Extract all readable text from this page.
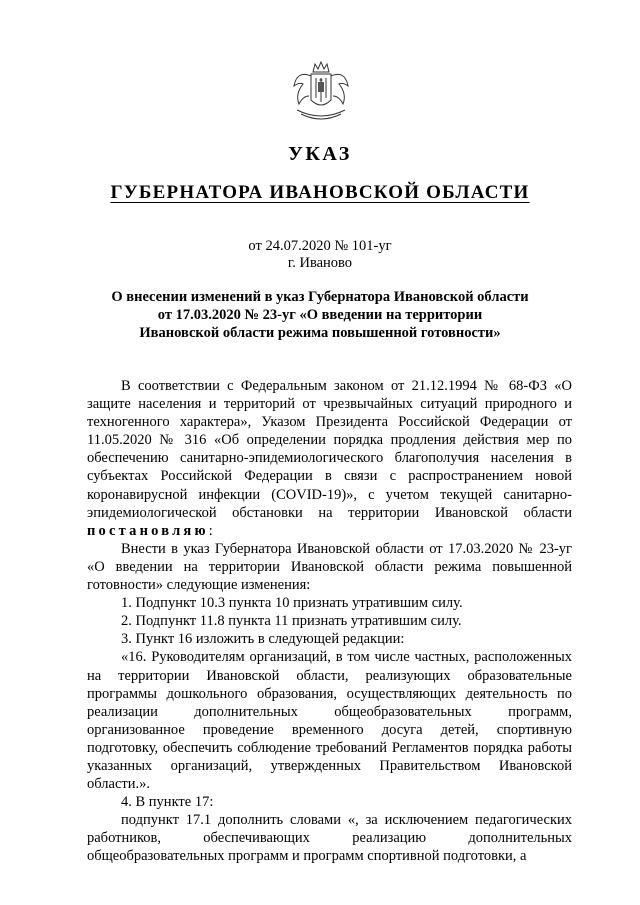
УКАЗ
ГУБЕРНАТОРА ИВАНОВСКОЙ ОБЛАСТИ
от 24.07.2020 № 101-уг
г. Иваново
О внесении изменений в указ Губернатора Ивановской области
от 17.03.2020 № 23-уг «О введении на территории
Ивановской области режима повышенной готовности»

В соответствии с Федеральным законом от 21.12.1994 № 68-ФЗ «О защите населения и территорий от чрезвычайных ситуаций природного и техногенного характера», Указом Президента Российской Федерации от 11.05.2020 № 316 «Об определении порядка продления действия мер по обеспечению санитарно-эпидемиологического благополучия населения в субъектах Российской Федерации в связи с распространением новой коронавирусной инфекции (COVID-19)», с учетом текущей санитарно-эпидемиологической обстановки на территории Ивановской области постановляю:

Внести в указ Губернатора Ивановской области от 17.03.2020 № 23-уг «О введении на территории Ивановской области режима повышенной готовности» следующие изменения:

1. Подпункт 10.3 пункта 10 признать утратившим силу.

2. Подпункт 11.8 пункта 11 признать утратившим силу.

3. Пункт 16 изложить в следующей редакции:

«16. Руководителям организаций, в том числе частных, расположенных на территории Ивановской области, реализующих образовательные программы дошкольного образования, осуществляющих деятельность по реализации дополнительных общеобразовательных программ, организованное проведение временного досуга детей, спортивную подготовку, обеспечить соблюдение требований Регламентов порядка работы указанных организаций, утвержденных Правительством Ивановской области.».

4. В пункте 17:

подпункт 17.1 дополнить словами «, за исключением педагогических работников, обеспечивающих реализацию дополнительных общеобразовательных программ и программ спортивной подготовки, а
